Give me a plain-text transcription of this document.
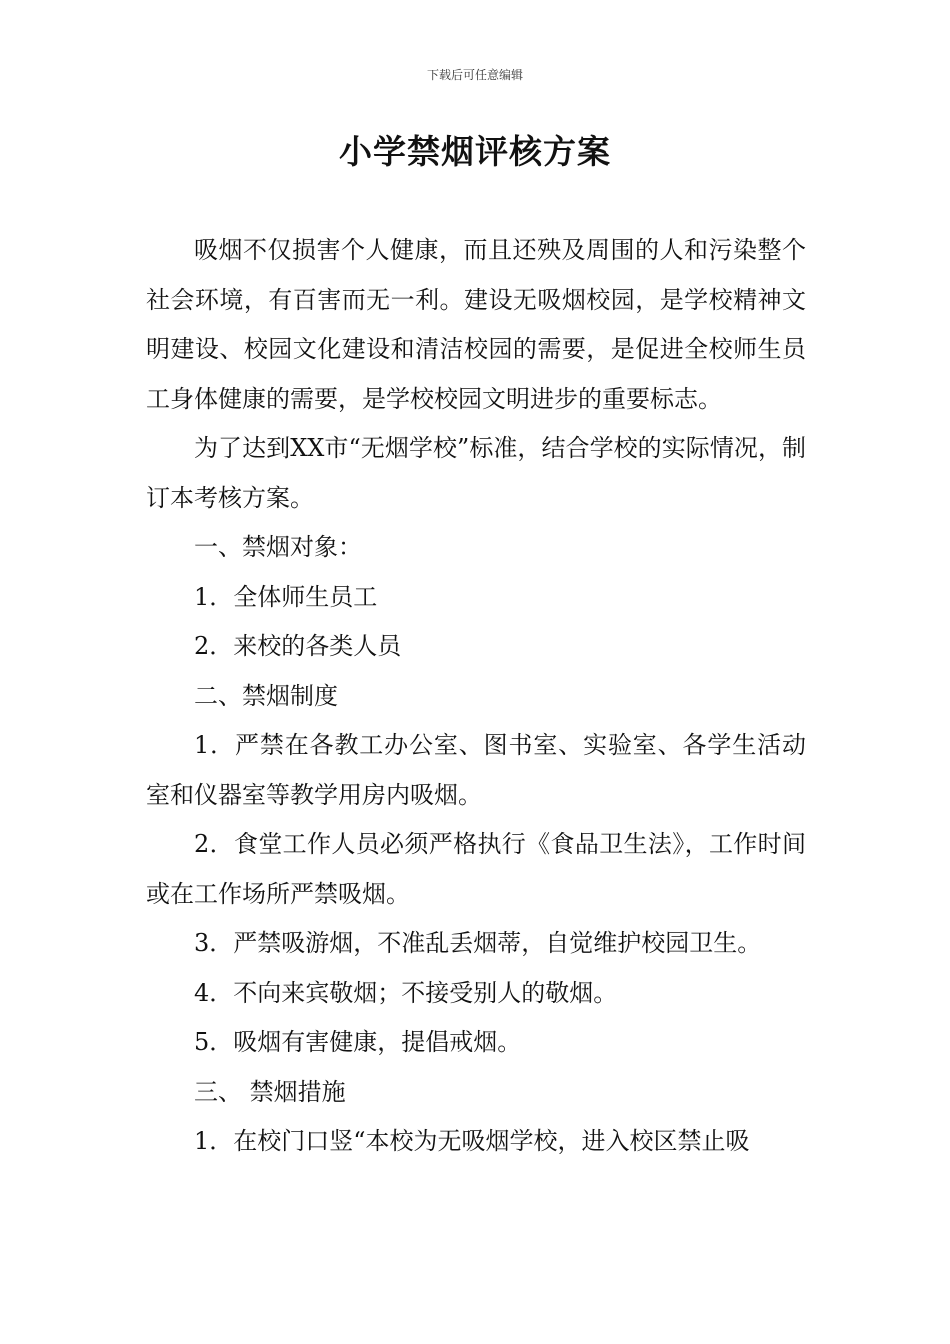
下载后可任意编辑
小学禁烟评核方案

吸烟不仅损害个人健康，而且还殃及周围的人和污染整个社会环境，有百害而无一利。建设无吸烟校园，是学校精神文明建设、校园文化建设和清洁校园的需要，是促进全校师生员工身体健康的需要，是学校校园文明进步的重要标志。

为了达到XX市“无烟学校”标准，结合学校的实际情况，制订本考核方案。

一、禁烟对象：

1．全体师生员工

2．来校的各类人员

二、禁烟制度

1．严禁在各教工办公室、图书室、实验室、各学生活动室和仪器室等教学用房内吸烟。

2．食堂工作人员必须严格执行《食品卫生法》，工作时间或在工作场所严禁吸烟。

3．严禁吸游烟，不准乱丢烟蒂，自觉维护校园卫生。

4．不向来宾敬烟；不接受别人的敬烟。

5．吸烟有害健康，提倡戒烟。

三、 禁烟措施

1．在校门口竖“本校为无吸烟学校，进入校区禁止吸
